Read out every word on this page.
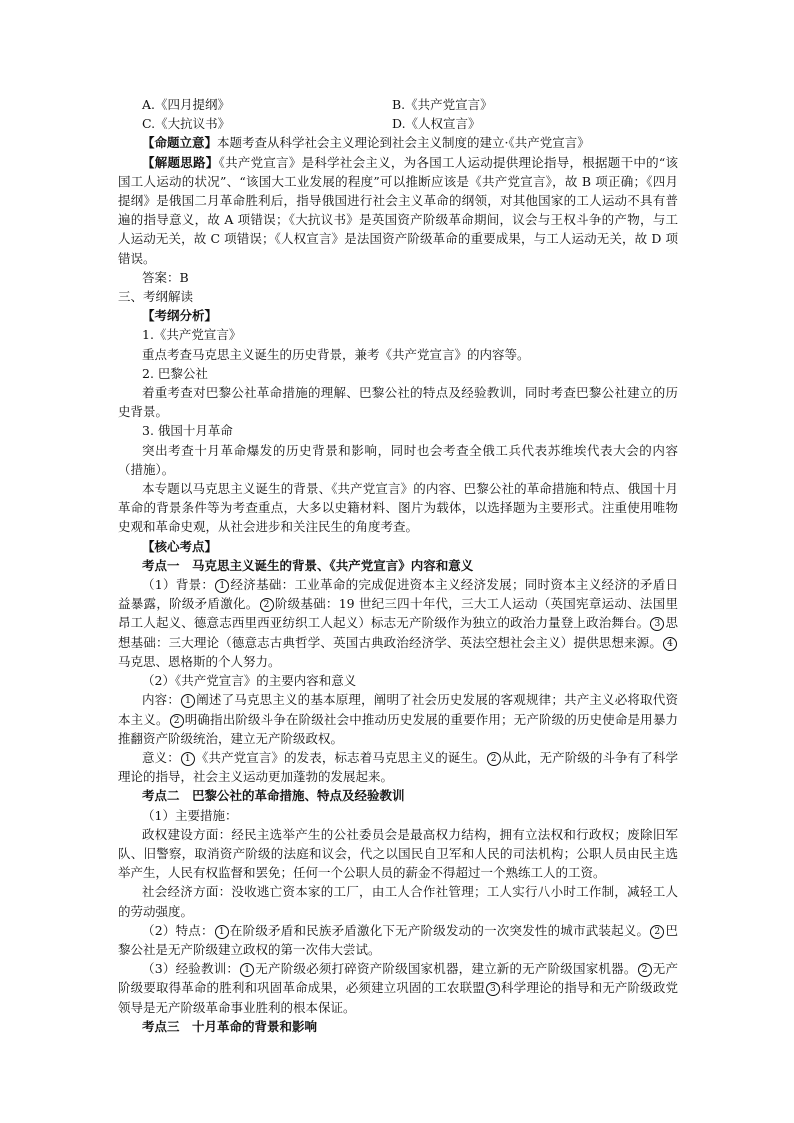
A.《四月提纲》	B.《共产党宣言》
C.《大抗议书》	D.《人权宣言》

【命题立意】本题考查从科学社会主义理论到社会主义制度的建立·《共产党宣言》

【解题思路】《共产党宣言》是科学社会主义，为各国工人运动提供理论指导，根据题干中的“该国工人运动的状况”、“该国大工业发展的程度”可以推断应该是《共产党宣言》，故 B 项正确；《四月提纲》是俄国二月革命胜利后，指导俄国进行社会主义革命的纲领，对其他国家的工人运动不具有普遍的指导意义，故 A 项错误；《大抗议书》是英国资产阶级革命期间，议会与王权斗争的产物，与工人运动无关，故 C 项错误；《人权宣言》是法国资产阶级革命的重要成果，与工人运动无关，故 D 项错误。

答案：B

三、考纲解读

【考纲分析】

1.《共产党宣言》

重点考查马克思主义诞生的历史背景，兼考《共产党宣言》的内容等。

2. 巴黎公社

着重考查对巴黎公社革命措施的理解、巴黎公社的特点及经验教训，同时考查巴黎公社建立的历史背景。

3. 俄国十月革命

突出考查十月革命爆发的历史背景和影响，同时也会考查全俄工兵代表苏维埃代表大会的内容（措施）。

本专题以马克思主义诞生的背景、《共产党宣言》的内容、巴黎公社的革命措施和特点、俄国十月革命的背景条件等为考查重点，大多以史籍材料、图片为载体，以选择题为主要形式。注重使用唯物史观和革命史观，从社会进步和关注民生的角度考查。

【核心考点】

考点一　马克思主义诞生的背景、《共产党宣言》内容和意义

（1）背景： 1 经济基础：工业革命的完成促进资本主义经济发展；同时资本主义经济的矛盾日益暴露，阶级矛盾激化。 2 阶级基础：19 世纪三四十年代，三大工人运动（英国宪章运动、法国里昂工人起义、德意志西里西亚纺织工人起义）标志无产阶级作为独立的政治力量登上政治舞台。 3 思想基础：三大理论（德意志古典哲学、英国古典政治经济学、英法空想社会主义）提供思想来源。 4马克思、恩格斯的个人努力。

（2）《共产党宣言》的主要内容和意义

内容： 1 阐述了马克思主义的基本原理，阐明了社会历史发展的客观规律；共产主义必将取代资本主义。 2 明确指出阶级斗争在阶级社会中推动历史发展的重要作用；无产阶级的历史使命是用暴力推翻资产阶级统治，建立无产阶级政权。

意义： 1 《共产党宣言》的发表，标志着马克思主义的诞生。 2 从此，无产阶级的斗争有了科学理论的指导，社会主义运动更加蓬勃的发展起来。

考点二　巴黎公社的革命措施、特点及经验教训

（1）主要措施：

政权建设方面：经民主选举产生的公社委员会是最高权力结构，拥有立法权和行政权；废除旧军队、旧警察，取消资产阶级的法庭和议会，代之以国民自卫军和人民的司法机构；公职人员由民主选举产生，人民有权监督和罢免；任何一个公职人员的薪金不得超过一个熟练工人的工资。

社会经济方面：没收逃亡资本家的工厂，由工人合作社管理；工人实行八小时工作制，减轻工人的劳动强度。

（2）特点： 1 在阶级矛盾和民族矛盾激化下无产阶级发动的一次突发性的城市武装起义。 2 巴黎公社是无产阶级建立政权的第一次伟大尝试。

（3）经验教训： 1 无产阶级必须打碎资产阶级国家机器，建立新的无产阶级国家机器。 2 无产阶级要取得革命的胜利和巩固革命成果，必须建立巩固的工农联盟 3 科学理论的指导和无产阶级政党领导是无产阶级革命事业胜利的根本保证。

考点三　十月革命的背景和影响
